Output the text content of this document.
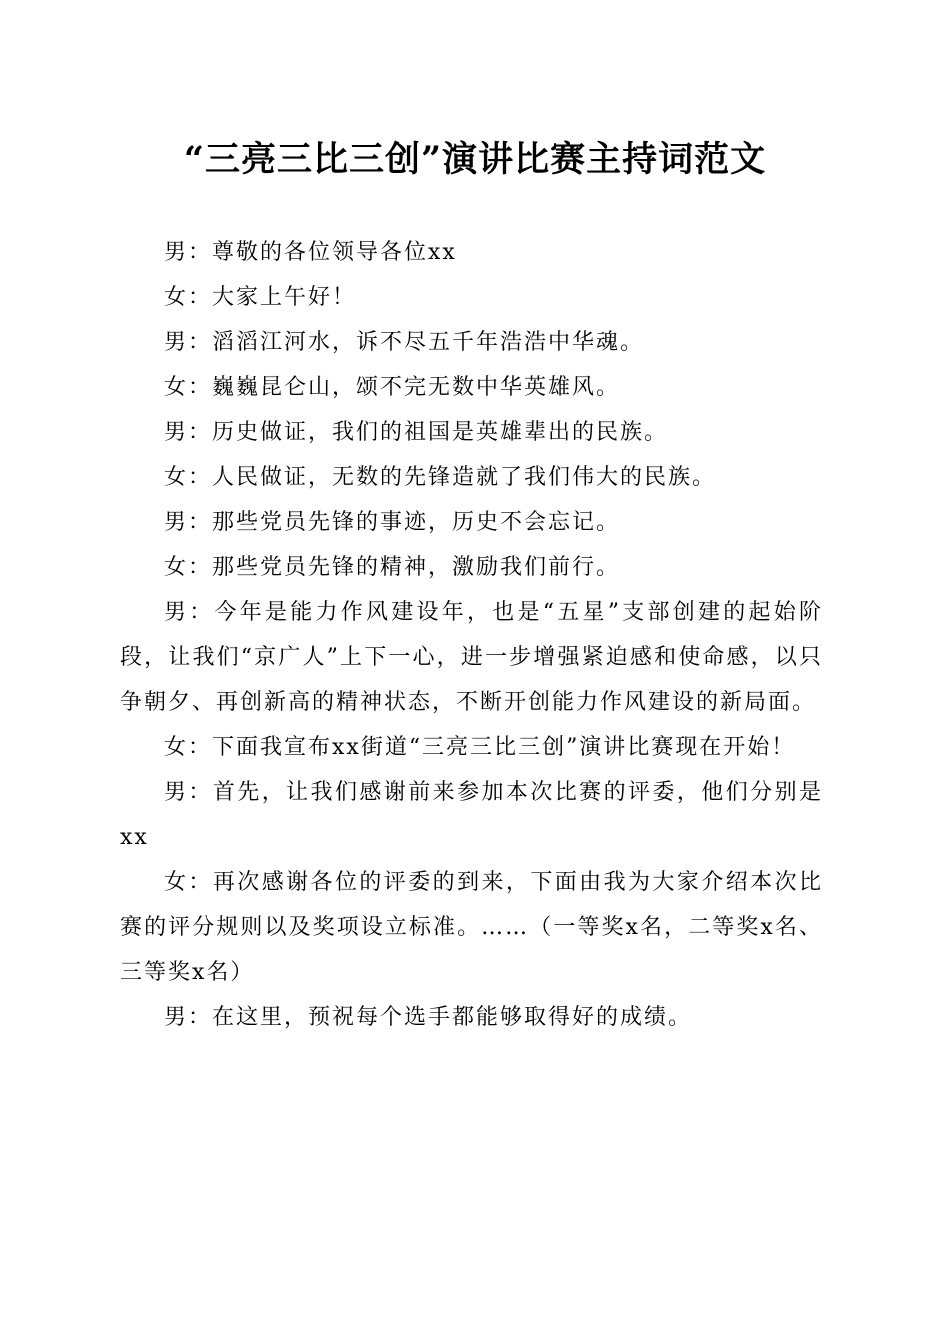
“三亮三比三创”演讲比赛主持词范文

男：尊敬的各位领导各位xx

女：大家上午好！

男：滔滔江河水，诉不尽五千年浩浩中华魂。

女：巍巍昆仑山，颂不完无数中华英雄风。

男：历史做证，我们的祖国是英雄辈出的民族。

女：人民做证，无数的先锋造就了我们伟大的民族。

男：那些党员先锋的事迹，历史不会忘记。

女：那些党员先锋的精神，激励我们前行。

男：今年是能力作风建设年，也是“五星”支部创建的起始阶段，让我们“京广人”上下一心，进一步增强紧迫感和使命感，以只争朝夕、再创新高的精神状态，不断开创能力作风建设的新局面。

女：下面我宣布xx街道“三亮三比三创”演讲比赛现在开始！

男：首先，让我们感谢前来参加本次比赛的评委，他们分别是xx

女：再次感谢各位的评委的到来，下面由我为大家介绍本次比赛的评分规则以及奖项设立标准。……（一等奖x名，二等奖x名、三等奖x名）

男：在这里，预祝每个选手都能够取得好的成绩。
